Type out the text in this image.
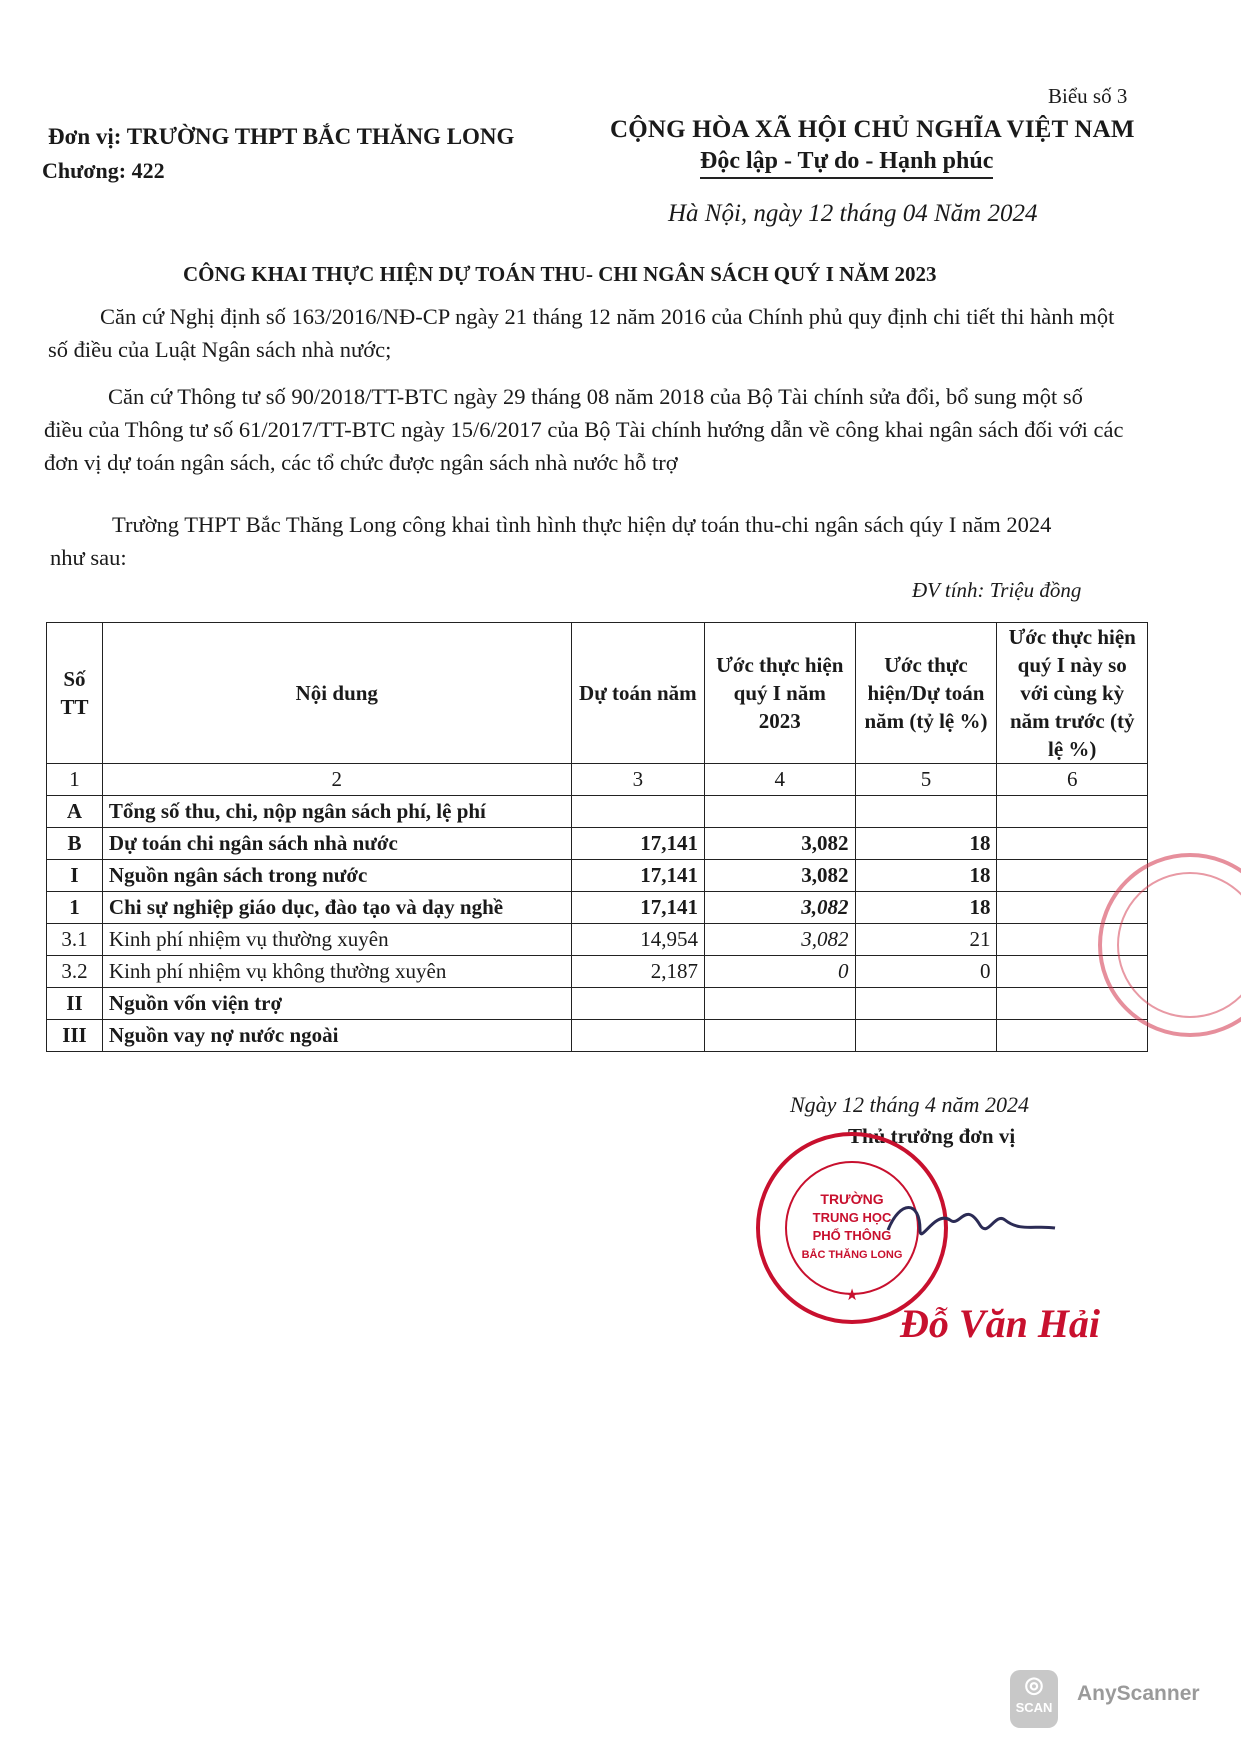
Biểu số 3
Đơn vị: TRƯỜNG THPT BẮC THĂNG LONG
Chương: 422
CỘNG HÒA XÃ HỘI CHỦ NGHĨA VIỆT NAM
Độc lập - Tự do - Hạnh phúc
Hà Nội, ngày 12 tháng 04 Năm 2024
CÔNG KHAI THỰC HIỆN DỰ TOÁN THU- CHI NGÂN SÁCH QUÝ I NĂM 2023
Căn cứ Nghị định số 163/2016/NĐ-CP ngày 21 tháng 12 năm 2016 của Chính phủ quy định chi tiết thi hành một số điều của Luật Ngân sách nhà nước;
Căn cứ Thông tư số 90/2018/TT-BTC ngày 29 tháng 08 năm 2018 của Bộ Tài chính sửa đổi, bổ sung một số điều của Thông tư số 61/2017/TT-BTC ngày 15/6/2017 của Bộ Tài chính hướng dẫn về công khai ngân sách đối với các đơn vị dự toán ngân sách, các tổ chức được ngân sách nhà nước hỗ trợ
Trường THPT Bắc Thăng Long công khai tình hình thực hiện dự toán thu-chi ngân sách qúy I năm 2024 như sau:
ĐV tính: Triệu đồng
Số TT	Nội dung	Dự toán năm	Ước thực hiện quý I năm 2023	Ước thực hiện/Dự toán năm (tỷ lệ %)	Ước thực hiện quý I này so với cùng kỳ năm trước (tỷ lệ %)
1	2	3	4	5	6
A	Tổng số thu, chi, nộp ngân sách phí, lệ phí				
B	Dự toán chi ngân sách nhà nước	17,141	3,082	18	
I	Nguồn ngân sách trong nước	17,141	3,082	18	
1	Chi sự nghiệp giáo dục, đào tạo và dạy nghề	17,141	3,082	18	
3.1	Kinh phí nhiệm vụ thường xuyên	14,954	3,082	21	
3.2	Kinh phí nhiệm vụ không thường xuyên	2,187	0	0	
II	Nguồn vốn viện trợ				
III	Nguồn vay nợ nước ngoài				
Ngày 12 tháng 4 năm 2024
Thủ trưởng đơn vị
TRƯỜNG
TRUNG HỌC
PHỔ THÔNG
BẮC THĂNG LONG
★
Đỗ Văn Hải
◎
SCAN
AnyScanner
